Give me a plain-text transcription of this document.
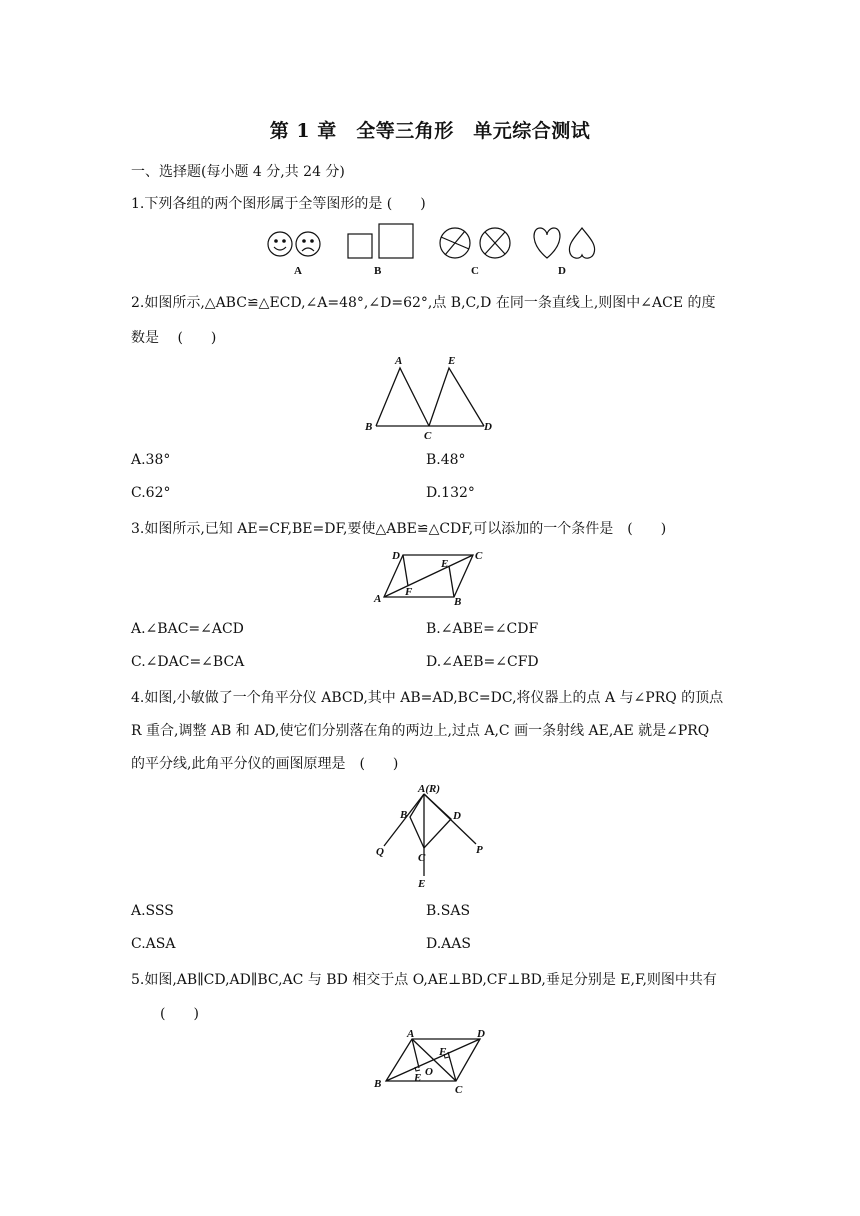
第 1 章　全等三角形　单元综合测试
一、选择题(每小题 4 分,共 24 分)
1.下列各组的两个图形属于全等图形的是 (　　)
A	B	C	D
2.如图所示,△ABC≌△ECD,∠A=48°,∠D=62°,点 B,C,D 在同一条直线上,则图中∠ACE 的度
数是　 (　　)
A	E
B
C
D
A.38°	B.48°
C.62°	D.132°
3.如图所示,已知 AE=CF,BE=DF,要使△ABE≌△CDF,可以添加的一个条件是　(　　)
D	C
E
A
F
B
A.∠BAC=∠ACD	B.∠ABE=∠CDF
C.∠DAC=∠BCA	D.∠AEB=∠CFD
4.如图,小敏做了一个角平分仪 ABCD,其中 AB=AD,BC=DC,将仪器上的点 A 与∠PRQ 的顶点
R 重合,调整 AB 和 AD,使它们分别落在角的两边上,过点 A,C 画一条射线 AE,AE 就是∠PRQ
的平分线,此角平分仪的画图原理是　(　　)
A(R)
B	D
Q	P
C
E
A.SSS	B.SAS
C.ASA	D.AAS
5.如图,AB∥CD,AD∥BC,AC 与 BD 相交于点 O,AE⊥BD,CF⊥BD,垂足分别是 E,F,则图中共有
(　　)
A	D
F
O
E
B	C
